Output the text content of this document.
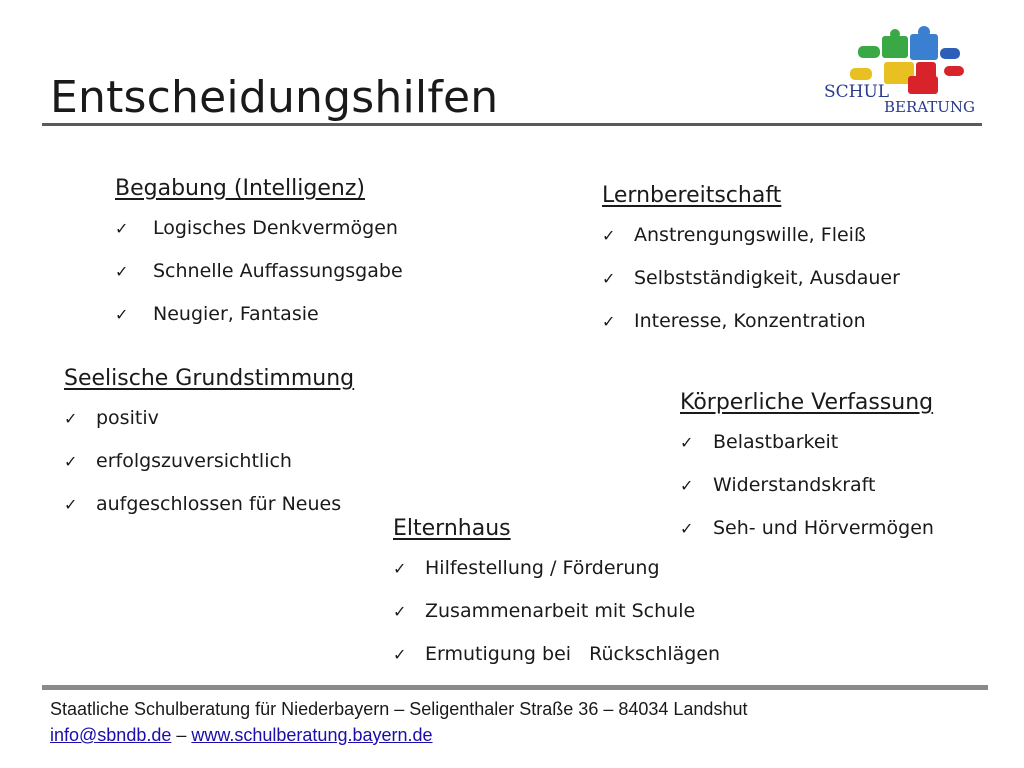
Entscheidungshilfen	SCHUL
BERATUNG
Begabung (Intelligenz)
✓	Logisches Denkvermögen
✓	Schnelle Auffassungsgabe
✓	Neugier, Fantasie
Lernbereitschaft
✓ Anstrengungswille, Fleiß
✓ Selbstständigkeit, Ausdauer
✓ Interesse, Konzentration
Seelische Grundstimmung
✓ positiv
✓ erfolgszuversichtlich
✓ aufgeschlossen für Neues
Körperliche Verfassung
✓	Belastbarkeit
✓	Widerstandskraft
✓	Seh- und Hörvermögen
Elternhaus
✓ Hilfestellung / Förderung
✓ Zusammenarbeit mit Schule
✓ Ermutigung bei   Rückschlägen
Staatliche Schulberatung für Niederbayern – Seligenthaler Straße 36 – 84034 Landshut
info@sbndb.de – www.schulberatung.bayern.de
